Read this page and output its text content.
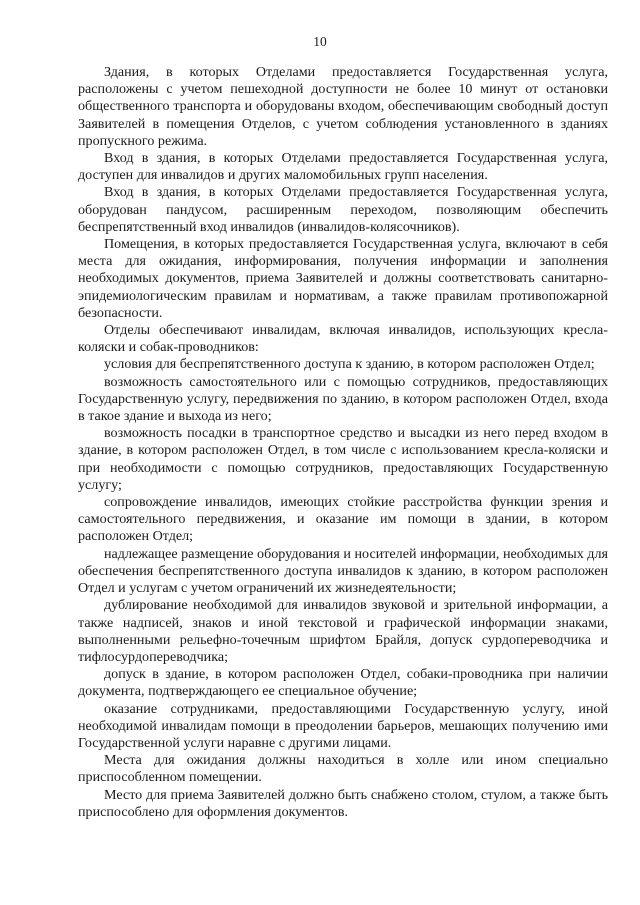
10

Здания, в которых Отделами предоставляется Государственная услуга, расположены с учетом пешеходной доступности не более 10 минут от остановки общественного транспорта и оборудованы входом, обеспечивающим свободный доступ Заявителей в помещения Отделов, с учетом соблюдения установленного в зданиях пропускного режима.

Вход в здания, в которых Отделами предоставляется Государственная услуга, доступен для инвалидов и других маломобильных групп населения.

Вход в здания, в которых Отделами предоставляется Государственная услуга, оборудован пандусом, расширенным переходом, позволяющим обеспечить беспрепятственный вход инвалидов (инвалидов-колясочников).

Помещения, в которых предоставляется Государственная услуга, включают в себя места для ожидания, информирования, получения информации и заполнения необходимых документов, приема Заявителей и должны соответствовать санитарно-эпидемиологическим правилам и нормативам, а также правилам противопожарной безопасности.

Отделы обеспечивают инвалидам, включая инвалидов, использующих кресла-коляски и собак-проводников:

условия для беспрепятственного доступа к зданию, в котором расположен Отдел;

возможность самостоятельного или с помощью сотрудников, предоставляющих Государственную услугу, передвижения по зданию, в котором расположен Отдел, входа в такое здание и выхода из него;

возможность посадки в транспортное средство и высадки из него перед входом в здание, в котором расположен Отдел, в том числе с использованием кресла-коляски и при необходимости с помощью сотрудников, предоставляющих Государственную услугу;

сопровождение инвалидов, имеющих стойкие расстройства функции зрения и самостоятельного передвижения, и оказание им помощи в здании, в котором расположен Отдел;

надлежащее размещение оборудования и носителей информации, необходимых для обеспечения беспрепятственного доступа инвалидов к зданию, в котором расположен Отдел и услугам с учетом ограничений их жизнедеятельности;

дублирование необходимой для инвалидов звуковой и зрительной информации, а также надписей, знаков и иной текстовой и графической информации знаками, выполненными рельефно-точечным шрифтом Брайля, допуск сурдопереводчика и тифлосурдопереводчика;

допуск в здание, в котором расположен Отдел, собаки-проводника при наличии документа, подтверждающего ее специальное обучение;

оказание сотрудниками, предоставляющими Государственную услугу, иной необходимой инвалидам помощи в преодолении барьеров, мешающих получению ими Государственной услуги наравне с другими лицами.

Места для ожидания должны находиться в холле или ином специально приспособленном помещении.

Место для приема Заявителей должно быть снабжено столом, стулом, а также быть приспособлено для оформления документов.
